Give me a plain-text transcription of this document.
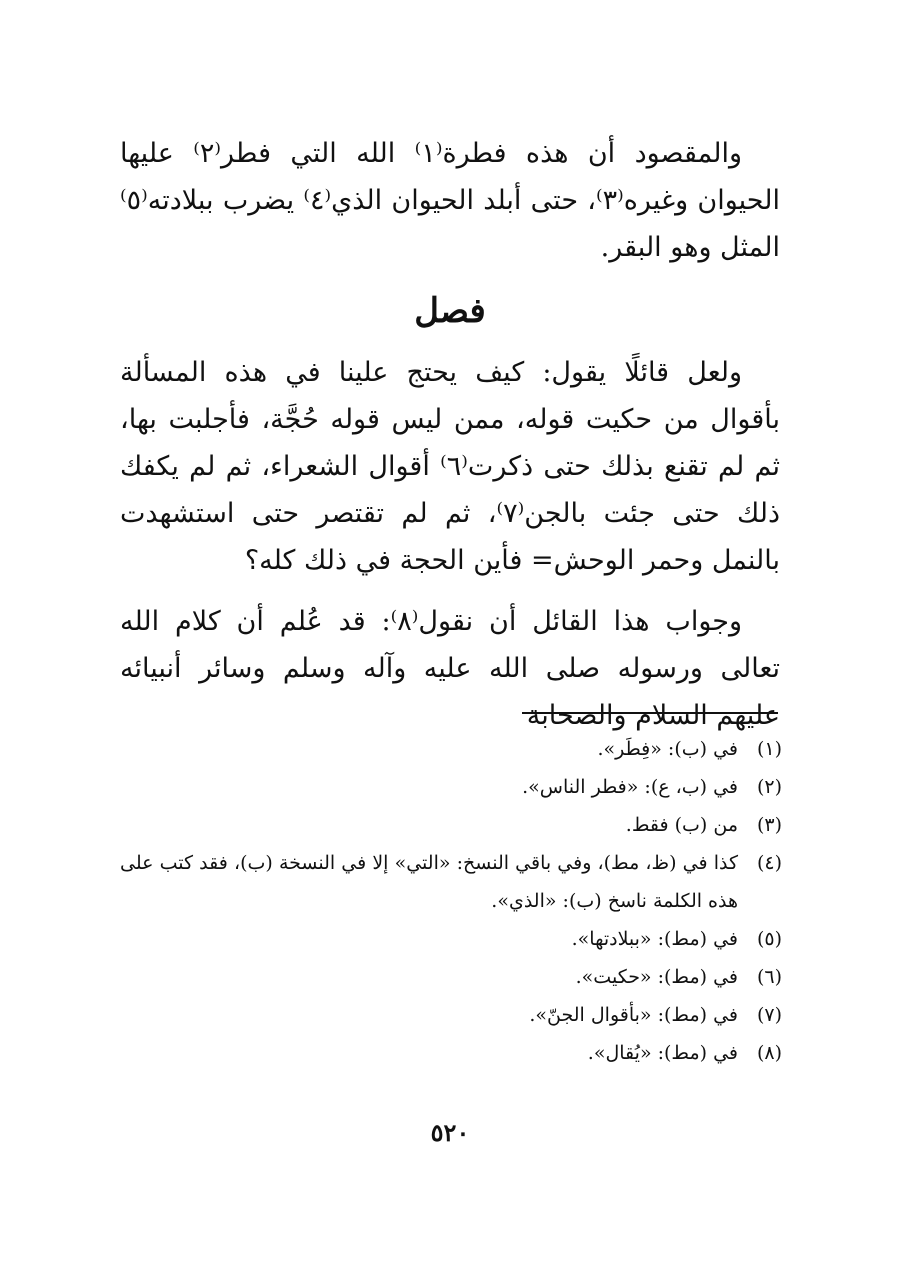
والمقصود أن هذه فطرة⁽١⁾ الله التي فطر⁽٢⁾ عليها الحيوان وغيره⁽٣⁾، حتى أبلد الحيوان الذي⁽٤⁾ يضرب ببلادته⁽٥⁾ المثل وهو البقر.

فصل

ولعل قائلًا يقول: كيف يحتج علينا في هذه المسألة بأقوال من حكيت قوله، ممن ليس قوله حُجَّة، فأجلبت بها، ثم لم تقنع بذلك حتى ذكرت⁽٦⁾ أقوال الشعراء، ثم لم يكفك ذلك حتى جئت بالجن⁽٧⁾، ثم لم تقتصر حتى استشهدت بالنمل وحمر الوحش= فأين الحجة في ذلك كله؟

وجواب هذا القائل أن نقول⁽٨⁾: قد عُلم أن كلام الله تعالى ورسوله صلى الله عليه وآله وسلم وسائر أنبيائه عليهم السلام والصحابة

(١)
في (ب): «فِطَر».
(٢)
في (ب، ع): «فطر الناس».
(٣)
من (ب) فقط.
(٤)
كذا في (ظ، مط)، وفي باقي النسخ: «التي» إلا في النسخة (ب)، فقد كتب على هذه الكلمة ناسخ (ب): «الذي».
(٥)
في (مط): «ببلادتها».
(٦)
في (مط): «حكيت».
(٧)
في (مط): «بأقوال الجنّ».
(٨)
في (مط): «يُقال».
٥٢٠
